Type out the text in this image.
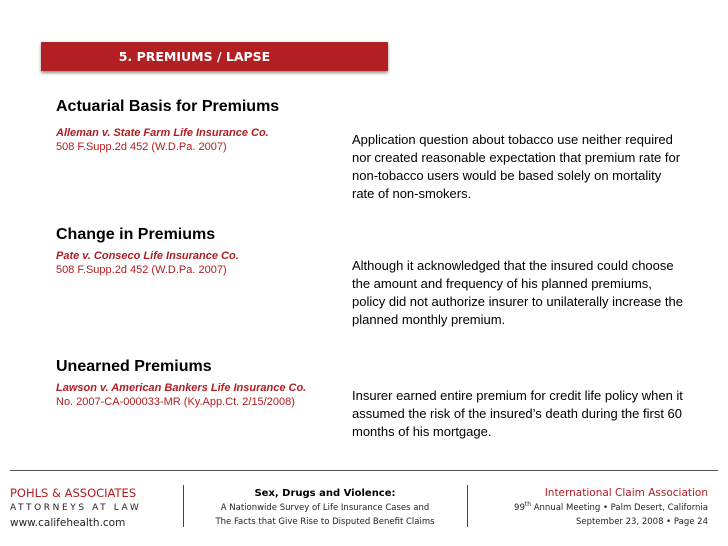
5. PREMIUMS / LAPSE
Actuarial Basis for Premiums
Alleman v. State Farm Life Insurance Co.
508 F.Supp.2d 452 (W.D.Pa. 2007)	Application question about tobacco use neither required nor created reasonable expectation that premium rate for non-tobacco users would be based solely on mortality rate of non-smokers.
Change in Premiums
Pate v. Conseco Life Insurance Co.
508 F.Supp.2d 452 (W.D.Pa. 2007)	Although it acknowledged that the insured could choose the amount and frequency of his planned premiums, policy did not authorize insurer to unilaterally increase the planned monthly premium.
Unearned Premiums
Lawson v. American Bankers Life Insurance Co.
No. 2007-CA-000033-MR (Ky.App.Ct. 2/15/2008)	Insurer earned entire premium for credit life policy when it assumed the risk of the insured’s death during the first 60 months of his mortgage.
POHLS & ASSOCIATES
ATTORNEYS AT LAW
www.califehealth.com
Sex, Drugs and Violence:
A Nationwide Survey of Life Insurance Cases and
The Facts that Give Rise to Disputed Benefit Claims
International Claim Association
99th Annual Meeting • Palm Desert, California
September 23, 2008 • Page 24
